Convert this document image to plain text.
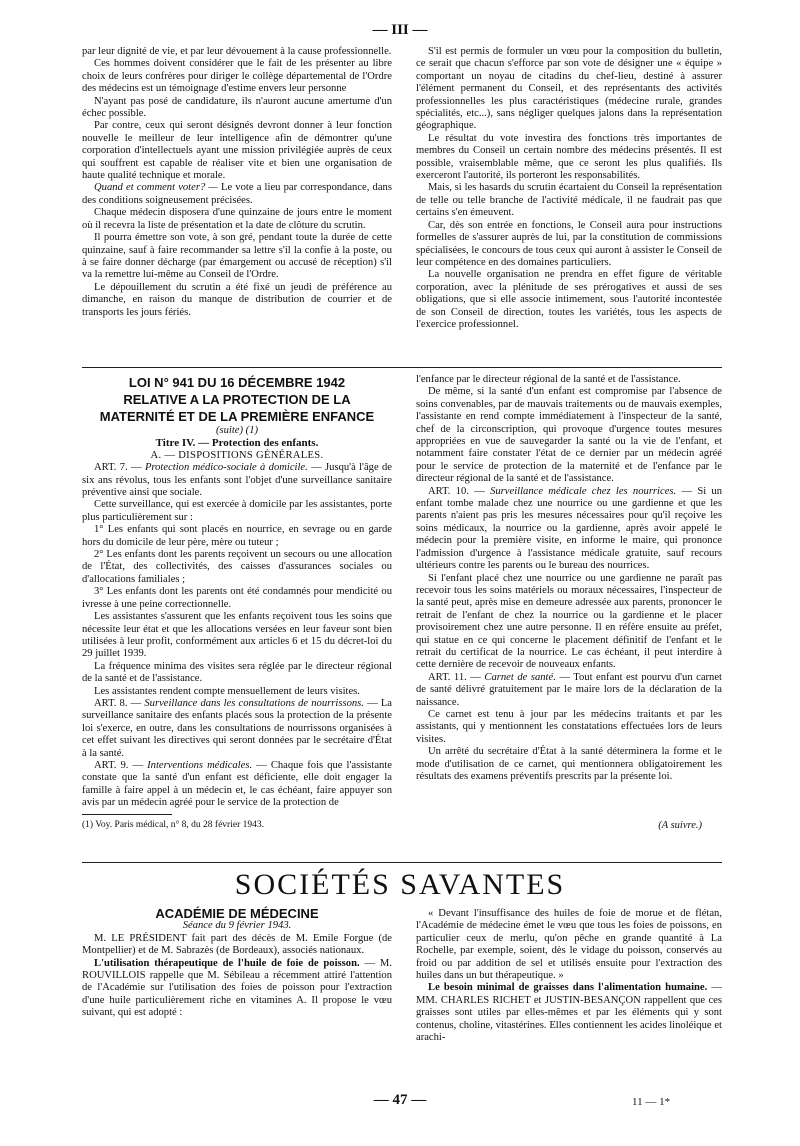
— III —

par leur dignité de vie, et par leur dévouement à la cause professionnelle.

Ces hommes doivent considérer que le fait de les présenter au libre choix de leurs confrères pour diriger le collège départemental de l'Ordre des médecins est un témoignage d'estime envers leur personne

N'ayant pas posé de candidature, ils n'auront aucune amertume d'un échec possible.

Par contre, ceux qui seront désignés devront donner à leur fonction nouvelle le meilleur de leur intelligence afin de démontrer qu'une corporation d'intellectuels ayant une mission privilégiée auprès de ceux qui souffrent est capable de réaliser vite et bien une organisation de haute qualité technique et morale.

Quand et comment voter? — Le vote a lieu par correspondance, dans des conditions soigneusement précisées.

Chaque médecin disposera d'une quinzaine de jours entre le moment où il recevra la liste de présentation et la date de clôture du scrutin.

Il pourra émettre son vote, à son gré, pendant toute la durée de cette quinzaine, sauf à faire recommander sa lettre s'il la confie à la poste, ou à se faire donner décharge (par émargement ou accusé de réception) s'il va la remettre lui-même au Conseil de l'Ordre.

Le dépouillement du scrutin a été fixé un jeudi de préférence au dimanche, en raison du manque de distribution de courrier et de transports les jours fériés.

S'il est permis de formuler un vœu pour la composition du bulletin, ce serait que chacun s'efforce par son vote de désigner une « équipe » comportant un noyau de citadins du chef-lieu, destiné à assurer l'élément permanent du Conseil, et des représentants des activités professionnelles les plus caractéristiques (médecine rurale, grandes spécialités, etc...), sans négliger quelques jalons dans la représentation géographique.

Le résultat du vote investira des fonctions très importantes de membres du Conseil un certain nombre des médecins présentés. Il est possible, vraisemblable même, que ce seront les plus qualifiés. Ils exerceront l'autorité, ils porteront les responsabilités.

Mais, si les hasards du scrutin écartaient du Conseil la représentation de telle ou telle branche de l'activité médicale, il ne faudrait pas que certains s'en émeuvent.

Car, dès son entrée en fonctions, le Conseil aura pour instructions formelles de s'assurer auprès de lui, par la constitution de commissions spécialisées, le concours de tous ceux qui auront à assister le Conseil de leur compétence en des domaines particuliers.

La nouvelle organisation ne prendra en effet figure de véritable corporation, avec la plénitude de ses prérogatives et aussi de ses obligations, que si elle associe intimement, sous l'autorité incontestée de son Conseil de direction, toutes les variétés, tous les aspects de l'exercice professionnel.

LOI N° 941 DU 16 DÉCEMBRE 1942

RELATIVE A LA PROTECTION DE LA

MATERNITÉ ET DE LA PREMIÈRE ENFANCE

(suite) (1)

Titre IV. — Protection des enfants.

A. — DISPOSITIONS GÉNÉRALES.

ART. 7. — Protection médico-sociale à domicile. — Jusqu'à l'âge de six ans révolus, tous les enfants sont l'objet d'une surveillance sanitaire préventive ainsi que sociale.

Cette surveillance, qui est exercée à domicile par les assistantes, porte plus particulièrement sur :

1° Les enfants qui sont placés en nourrice, en sevrage ou en garde hors du domicile de leur père, mère ou tuteur ;

2° Les enfants dont les parents reçoivent un secours ou une allocation de l'État, des collectivités, des caisses d'assurances sociales ou d'allocations familiales ;

3° Les enfants dont les parents ont été condamnés pour mendicité ou ivresse à une peine correctionnelle.

Les assistantes s'assurent que les enfants reçoivent tous les soins que nécessite leur état et que les allocations versées en leur faveur sont bien utilisées à leur profit, conformément aux articles 6 et 15 du décret-loi du 29 juillet 1939.

La fréquence minima des visites sera réglée par le directeur régional de la santé et de l'assistance.

Les assistantes rendent compte mensuellement de leurs visites.

ART. 8. — Surveillance dans les consultations de nourrissons. — La surveillance sanitaire des enfants placés sous la protection de la présente loi s'exerce, en outre, dans les consultations de nourrissons organisées à cet effet suivant les directives qui seront données par le secrétaire d'État à la santé.

ART. 9. — Interventions médicales. — Chaque fois que l'assistante constate que la santé d'un enfant est déficiente, elle doit engager la famille à faire appel à un médecin et, le cas échéant, faire appuyer son avis par un médecin agréé pour le service de la protection de

l'enfance par le directeur régional de la santé et de l'assistance.

De même, si la santé d'un enfant est compromise par l'absence de soins convenables, par de mauvais traitements ou de mauvais exemples, l'assistante en rend compte immédiatement à l'inspecteur de la santé, chef de la circonscription, qui provoque d'urgence toutes mesures appropriées en vue de sauvegarder la santé ou la vie de l'enfant, et notamment faire constater l'état de ce dernier par un médecin agréé pour le service de protection de la maternité et de l'enfance par le directeur régional de la santé et de l'assistance.

ART. 10. — Surveillance médicale chez les nourrices. — Si un enfant tombe malade chez une nourrice ou une gardienne et que les parents n'aient pas pris les mesures nécessaires pour qu'il reçoive les soins médicaux, la nourrice ou la gardienne, après avoir appelé le médecin pour la première visite, en informe le maire, qui prononce l'admission d'urgence à l'assistance médicale gratuite, sauf recours ultérieurs contre les parents ou le bureau des nourrices.

Si l'enfant placé chez une nourrice ou une gardienne ne paraît pas recevoir tous les soins matériels ou moraux nécessaires, l'inspecteur de la santé peut, après mise en demeure adressée aux parents, prononcer le retrait de l'enfant de chez la nourrice ou la gardienne et le placer provisoirement chez une autre personne. Il en réfère ensuite au préfet, qui statue en ce qui concerne le placement définitif de l'enfant et le retrait du certificat de la nourrice. Le cas échéant, il peut interdire à cette dernière de recevoir de nouveaux enfants.

ART. 11. — Carnet de santé. — Tout enfant est pourvu d'un carnet de santé délivré gratuitement par le maire lors de la déclaration de la naissance.

Ce carnet est tenu à jour par les médecins traitants et par les assistants, qui y mentionnent les constatations effectuées lors de leurs visites.

Un arrêté du secrétaire d'État à la santé déterminera la forme et le mode d'utilisation de ce carnet, qui mentionnera obligatoirement les résultats des examens préventifs prescrits par la présente loi.

(1) Voy. Paris médical, n° 8, du 28 février 1943.	(A suivre.)
SOCIÉTÉS SAVANTES

ACADÉMIE DE MÉDECINE

Séance du 9 février 1943.

M. LE PRÉSIDENT fait part des décès de M. Emile Forgue (de Montpellier) et de M. Sabrazès (de Bordeaux), associés nationaux.

L'utilisation thérapeutique de l'huile de foie de poisson. — M. ROUVILLOIS rappelle que M. Sébileau a récemment attiré l'attention de l'Académie sur l'utilisation des foies de poisson pour l'extraction d'une huile particulièrement riche en vitamines A. Il propose le vœu suivant, qui est adopté :

« Devant l'insuffisance des huiles de foie de morue et de flétan, l'Académie de médecine émet le vœu que tous les foies de poissons, en particulier ceux de merlu, qu'on pêche en grande quantité à La Rochelle, par exemple, soient, dès le vidage du poisson, conservés au froid ou par addition de sel et utilisés ensuite pour l'extraction des huiles dans un but thérapeutique. »

Le besoin minimal de graisses dans l'alimentation humaine. — MM. CHARLES RICHET et JUSTIN-BESANÇON rappellent que ces graisses sont utiles par elles-mêmes et par les éléments qui y sont contenus, choline, vitastérines. Elles contiennent les acides linoléique et arachi-

— 47 —	11 — 1*
